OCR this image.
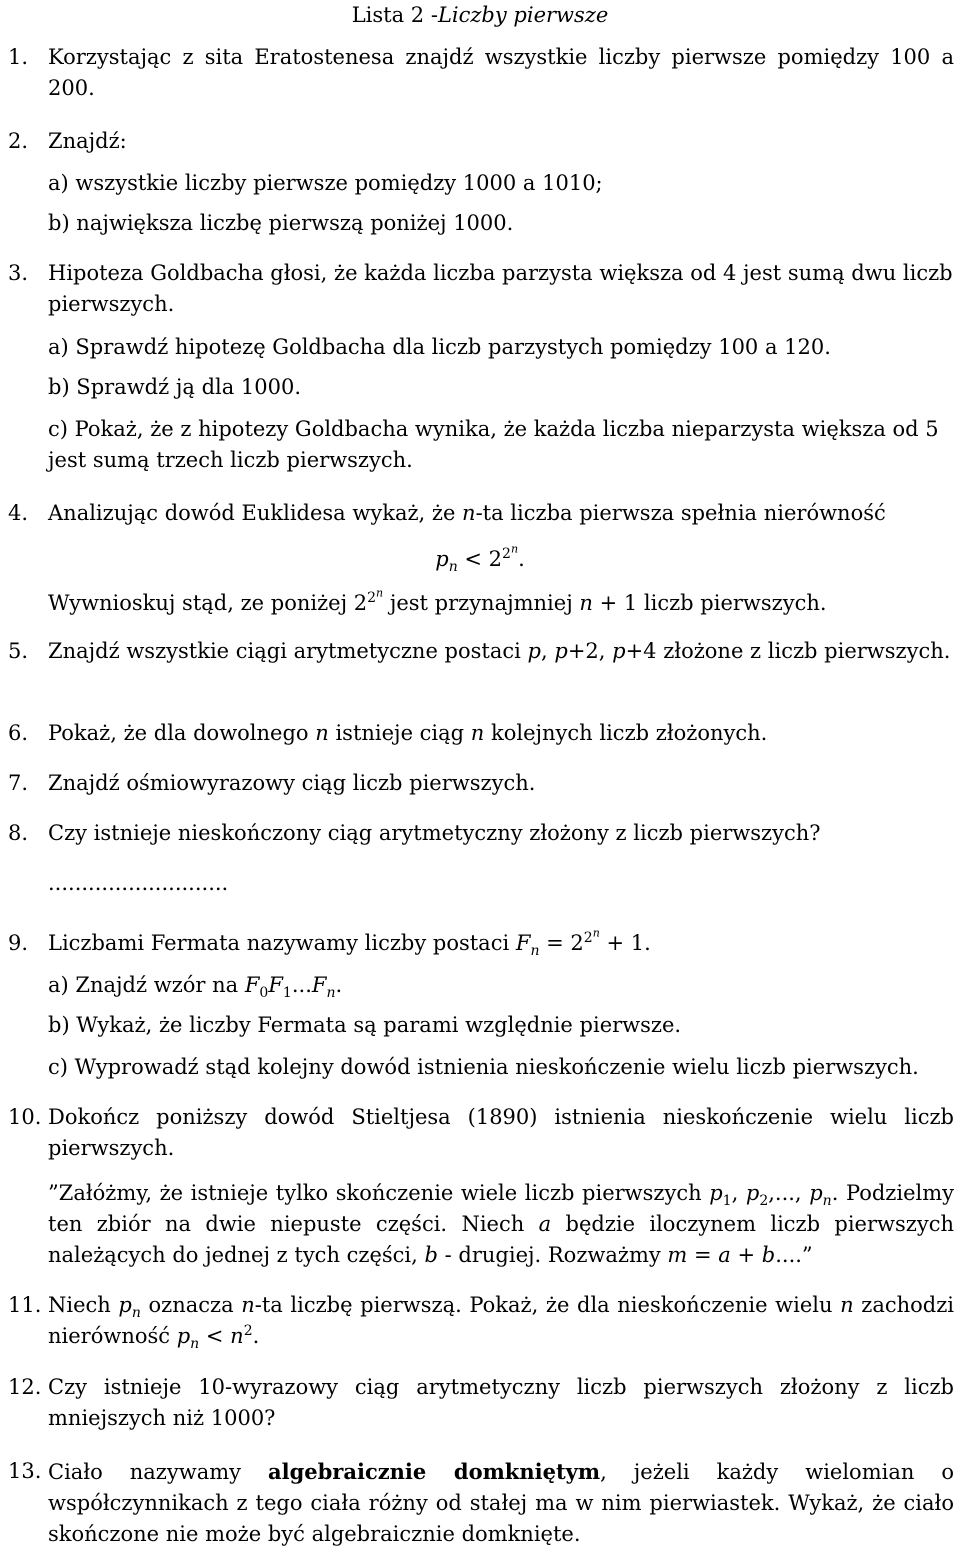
Lista 2 -Liczby pierwsze
1. Korzystając z sita Eratostenesa znajdź wszystkie liczby pierwsze pomiędzy 100 a 200.
2. Znajdź:
a) wszystkie liczby pierwsze pomiędzy 1000 a 1010;
b) największa liczbę pierwszą poniżej 1000.
3. Hipoteza Goldbacha głosi, że każda liczba parzysta większa od 4 jest sumą dwu liczb pierwszych.
a) Sprawdź hipotezę Goldbacha dla liczb parzystych pomiędzy 100 a 120.
b) Sprawdź ją dla 1000.
c) Pokaż, że z hipotezy Goldbacha wynika, że każda liczba nieparzysta większa od 5 jest sumą trzech liczb pierwszych.
4. Analizując dowód Euklidesa wykaż, że n-ta liczba pierwsza spełnia nierówność
$p_n < 2^{2^n}$.
Wywnioskuj stąd, ze poniżej $2^{2^n}$ jest przynajmniej n + 1 liczb pierwszych.
5. Znajdź wszystkie ciągi arytmetyczne postaci p, p+2, p+4 złożone z liczb pierwszych.
6. Pokaż, że dla dowolnego n istnieje ciąg n kolejnych liczb złożonych.
7. Znajdź ośmiowyrazowy ciąg liczb pierwszych.
8. Czy istnieje nieskończony ciąg arytmetyczny złożony z liczb pierwszych?
...........................
9. Liczbami Fermata nazywamy liczby postaci $F_n = 2^{2^n} + 1$.
a) Znajdź wzór na $F_0F_1...F_n$.
b) Wykaż, że liczby Fermata są parami względnie pierwsze.
c) Wyprowadź stąd kolejny dowód istnienia nieskończenie wielu liczb pierwszych.
10. Dokończ poniższy dowód Stieltjesa (1890) istnienia nieskończenie wielu liczb pierwszych.
”Załóżmy, że istnieje tylko skończenie wiele liczb pierwszych $p_1$, $p_2$,..., $p_n$. Podzielmy ten zbiór na dwie niepuste części. Niech a będzie iloczynem liczb pierwszych należących do jednej z tych części, b - drugiej. Rozważmy m = a + b....”
11. Niech $p_n$ oznacza n-ta liczbę pierwszą. Pokaż, że dla nieskończenie wielu n zachodzi nierówność $p_n < n^2$.
12. Czy istnieje 10-wyrazowy ciąg arytmetyczny liczb pierwszych złożony z liczb mniejszych niż 1000?
13. Ciało nazywamy algebraicznie domkniętym, jeżeli każdy wielomian o współczynnikach z tego ciała różny od stałej ma w nim pierwiastek. Wykaż, że ciało skończone nie może być algebraicznie domknięte.
